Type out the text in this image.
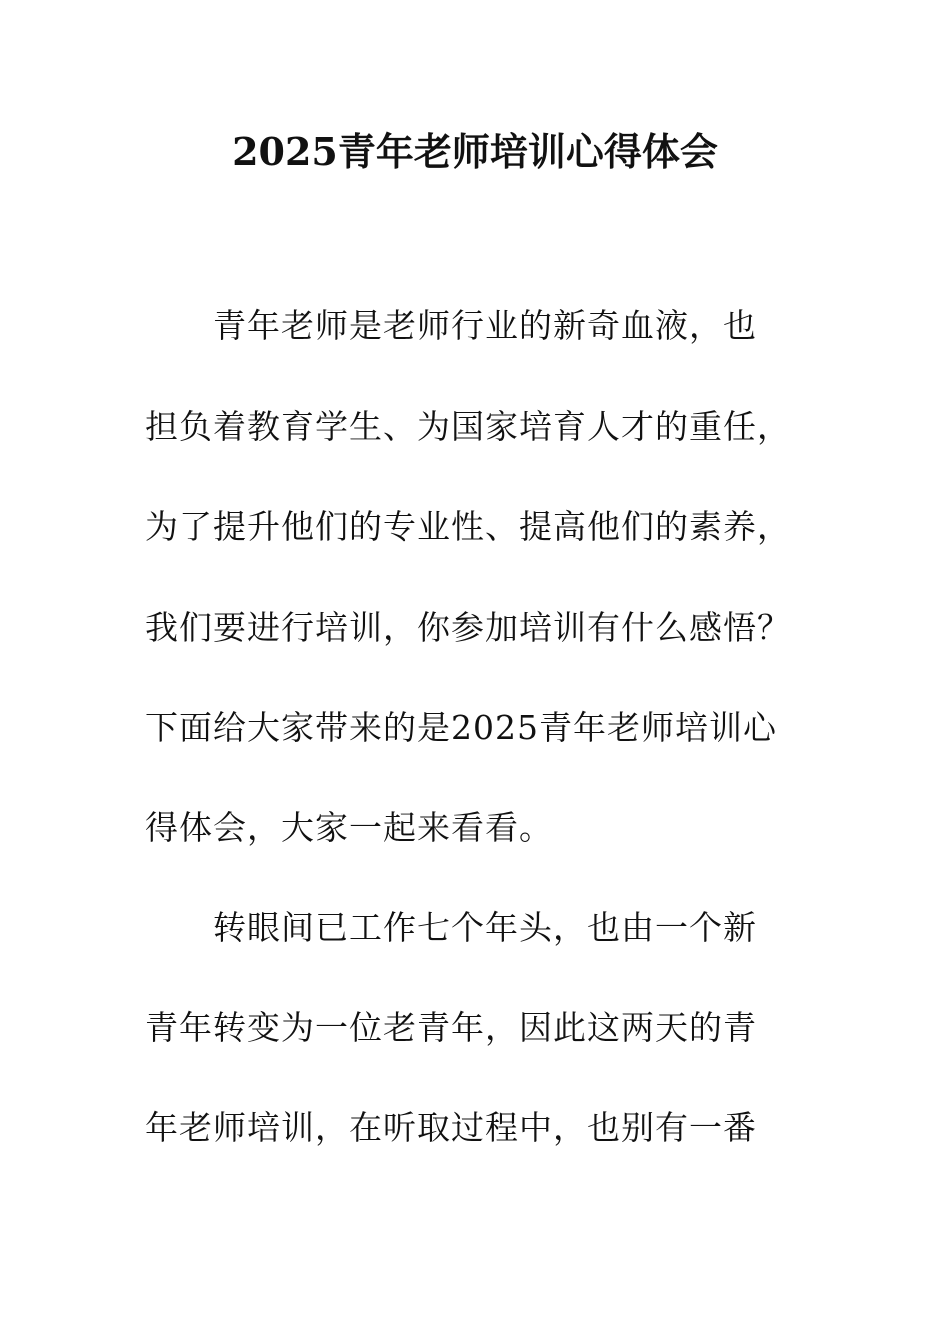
2025青年老师培训心得体会
青年老师是老师行业的新奇血液，也
担负着教育学生、为国家培育人才的重任，
为了提升他们的专业性、提高他们的素养，
我们要进行培训，你参加培训有什么感悟？
下面给大家带来的是2025青年老师培训心
得体会，大家一起来看看。
转眼间已工作七个年头，也由一个新
青年转变为一位老青年，因此这两天的青
年老师培训，在听取过程中，也别有一番
